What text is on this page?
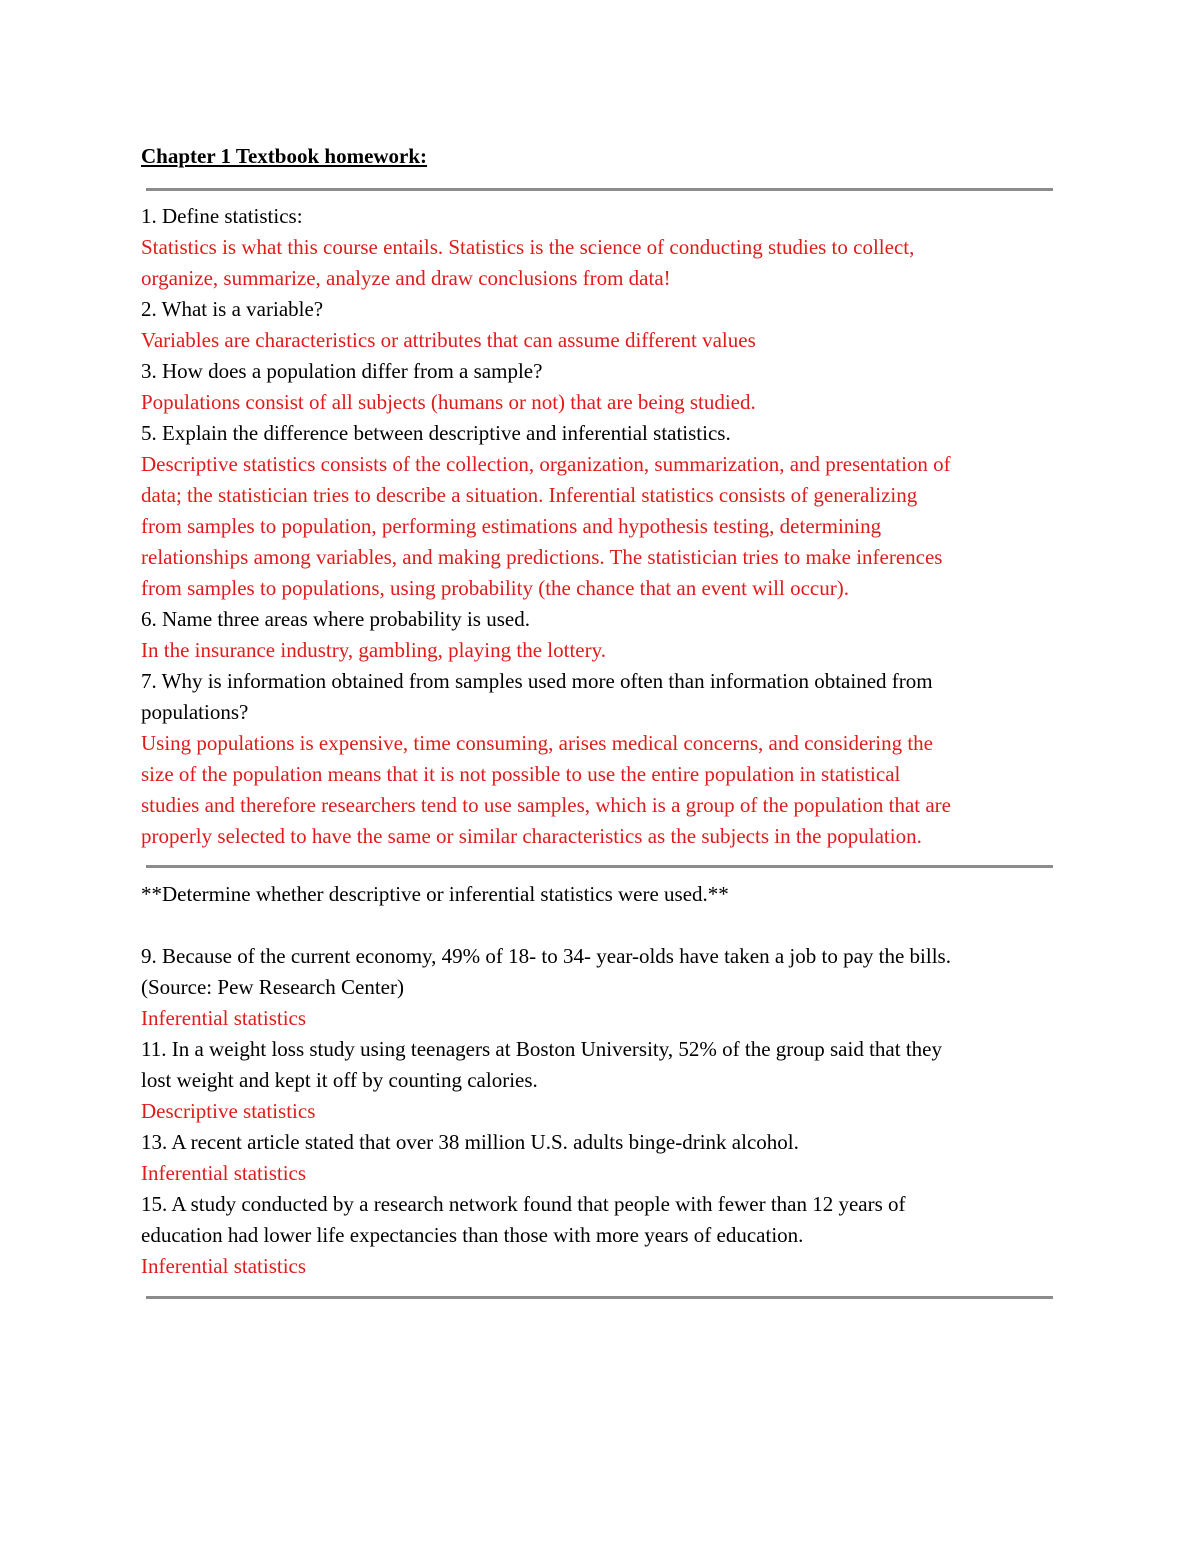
Chapter 1 Textbook homework:
1. Define statistics:
Statistics is what this course entails. Statistics is the science of conducting studies to collect,
organize, summarize, analyze and draw conclusions from data!
2. What is a variable?
Variables are characteristics or attributes that can assume different values
3. How does a population differ from a sample?
Populations consist of all subjects (humans or not) that are being studied.
5. Explain the difference between descriptive and inferential statistics.
Descriptive statistics consists of the collection, organization, summarization, and presentation of
data; the statistician tries to describe a situation. Inferential statistics consists of generalizing
from samples to population, performing estimations and hypothesis testing, determining
relationships among variables, and making predictions. The statistician tries to make inferences
from samples to populations, using probability (the chance that an event will occur).
6. Name three areas where probability is used.
In the insurance industry, gambling, playing the lottery.
7. Why is information obtained from samples used more often than information obtained from
populations?
Using populations is expensive, time consuming, arises medical concerns, and considering the
size of the population means that it is not possible to use the entire population in statistical
studies and therefore researchers tend to use samples, which is a group of the population that are
properly selected to have the same or similar characteristics as the subjects in the population.
**Determine whether descriptive or inferential statistics were used.**
9. Because of the current economy, 49% of 18- to 34- year-olds have taken a job to pay the bills.
(Source: Pew Research Center)
Inferential statistics
11. In a weight loss study using teenagers at Boston University, 52% of the group said that they
lost weight and kept it off by counting calories.
Descriptive statistics
13. A recent article stated that over 38 million U.S. adults binge-drink alcohol.
Inferential statistics
15. A study conducted by a research network found that people with fewer than 12 years of
education had lower life expectancies than those with more years of education.
Inferential statistics
